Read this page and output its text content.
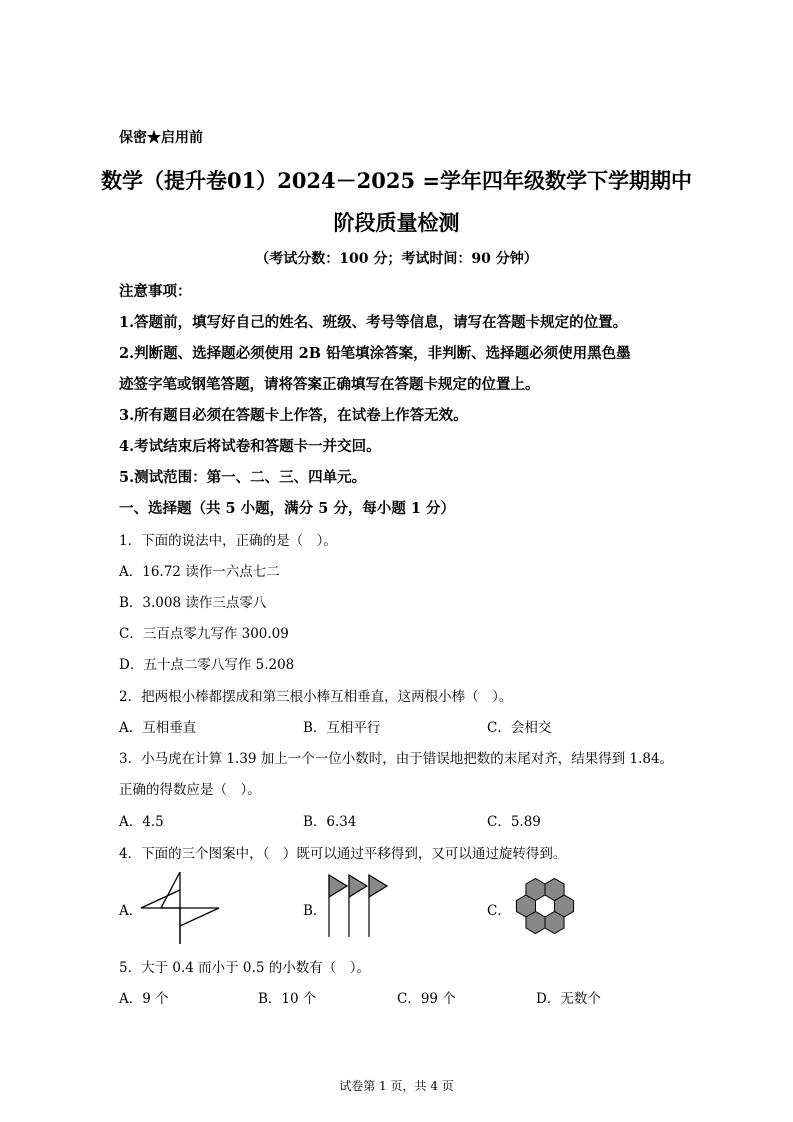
保密★启用前
数学（提升卷01）2024－2025 =学年四年级数学下学期期中
阶段质量检测
（考试分数：100 分；考试时间：90 分钟）
注意事项：
1.答题前，填写好自己的姓名、班级、考号等信息，请写在答题卡规定的位置。
2.判断题、选择题必须使用 2B 铅笔填涂答案，非判断、选择题必须使用黑色墨
迹签字笔或钢笔答题，请将答案正确填写在答题卡规定的位置上。
3.所有题目必须在答题卡上作答，在试卷上作答无效。
4.考试结束后将试卷和答题卡一并交回。
5.测试范围：第一、二、三、四单元。
一、选择题（共 5 小题，满分 5 分，每小题 1 分）
1．下面的说法中，正确的是（　）。
A．16.72 读作一六点七二
B．3.008 读作三点零八
C．三百点零九写作 300.09
D．五十点二零八写作 5.208
2．把两根小棒都摆成和第三根小棒互相垂直，这两根小棒（　）。
A．互相垂直	B．互相平行	C．会相交
3．小马虎在计算 1.39 加上一个一位小数时，由于错误地把数的末尾对齐，结果得到 1.84。
正确的得数应是（　）。
A．4.5	B．6.34	C．5.89
4．下面的三个图案中，（　）既可以通过平移得到，又可以通过旋转得到。
A．	B．	C．
5．大于 0.4 而小于 0.5 的小数有（　）。
A．9 个	B．10 个	C．99 个	D．无数个
试卷第 1 页，共 4 页
